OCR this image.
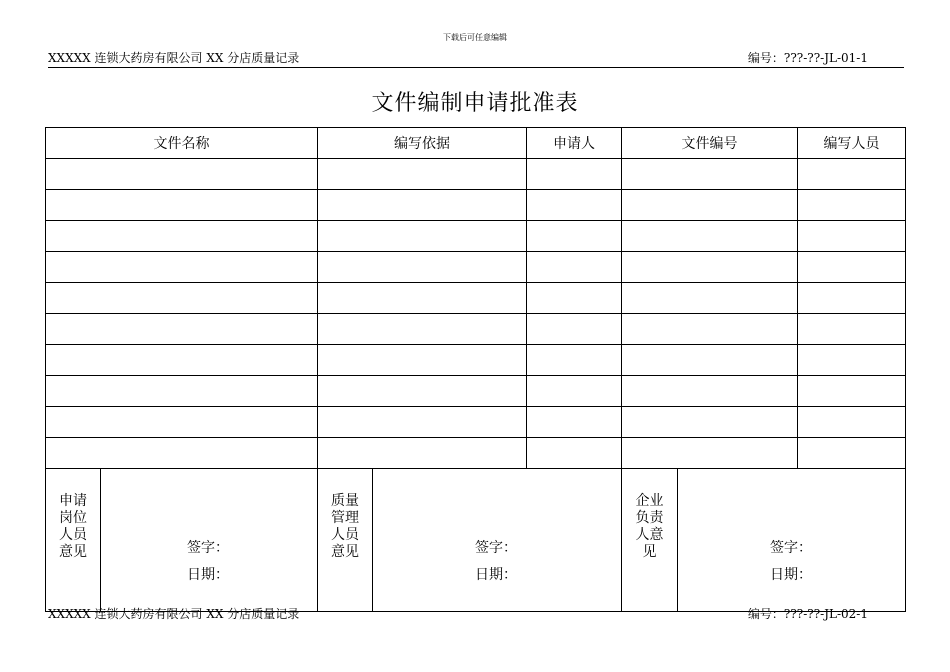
下载后可任意编辑
XXXXX 连锁大药房有限公司 XX 分店质量记录	编号：???-??-JL-01-1
文件编制申请批准表
文件名称	编写依据	申请人	文件编号	编写人员

申请
岗位
人员
意见	签字：
日期：

质量
管理
人员
意见	签字：
日期：

企业
负责
人意
见	签字：
日期：
XXXXX 连锁大药房有限公司 XX 分店质量记录	编号：???-??-JL-02-1
